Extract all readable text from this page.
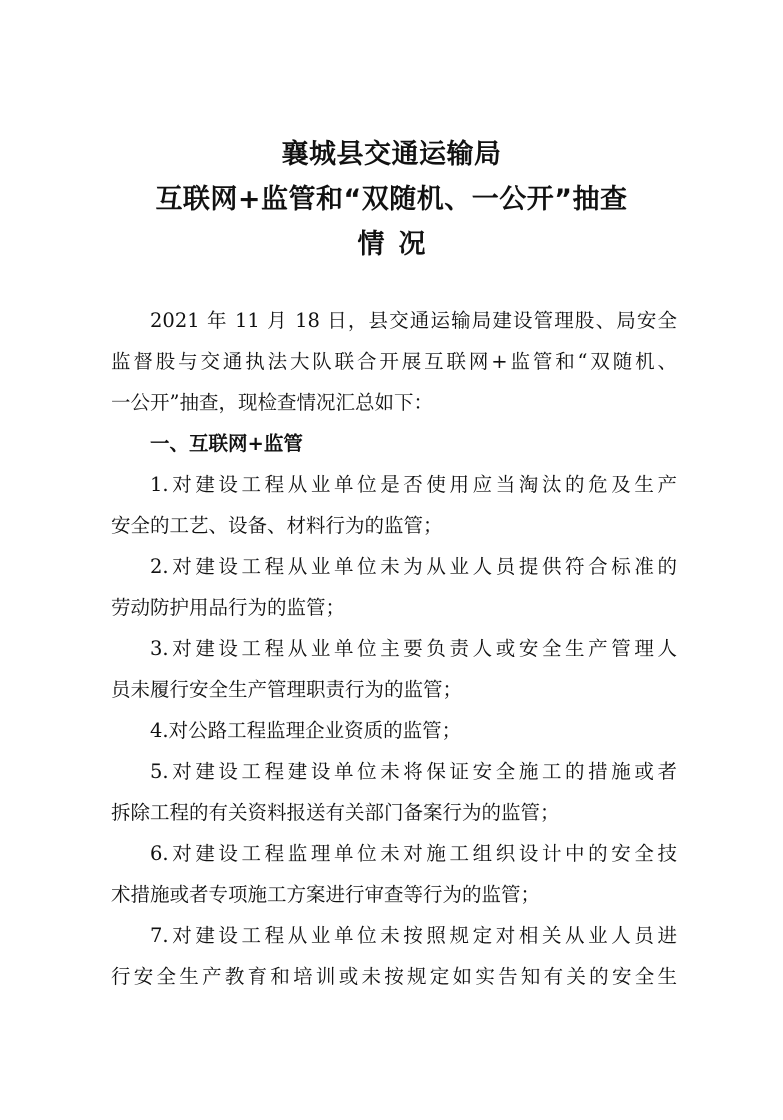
襄城县交通运输局
互联网+监管和“双随机、一公开”抽查
情况

2021 年 11 月 18 日，县交通运输局建设管理股、局安全
监督股与交通执法大队联合开展互联网+监管和“双随机、
一公开”抽查，现检查情况汇总如下：

一、互联网+监管

1.对建设工程从业单位是否使用应当淘汰的危及生产
安全的工艺、设备、材料行为的监管；

2.对建设工程从业单位未为从业人员提供符合标准的
劳动防护用品行为的监管；

3.对建设工程从业单位主要负责人或安全生产管理人
员未履行安全生产管理职责行为的监管；

4.对公路工程监理企业资质的监管；

5.对建设工程建设单位未将保证安全施工的措施或者
拆除工程的有关资料报送有关部门备案行为的监管；

6.对建设工程监理单位未对施工组织设计中的安全技
术措施或者专项施工方案进行审查等行为的监管；

7.对建设工程从业单位未按照规定对相关从业人员进
行安全生产教育和培训或未按规定如实告知有关的安全生
